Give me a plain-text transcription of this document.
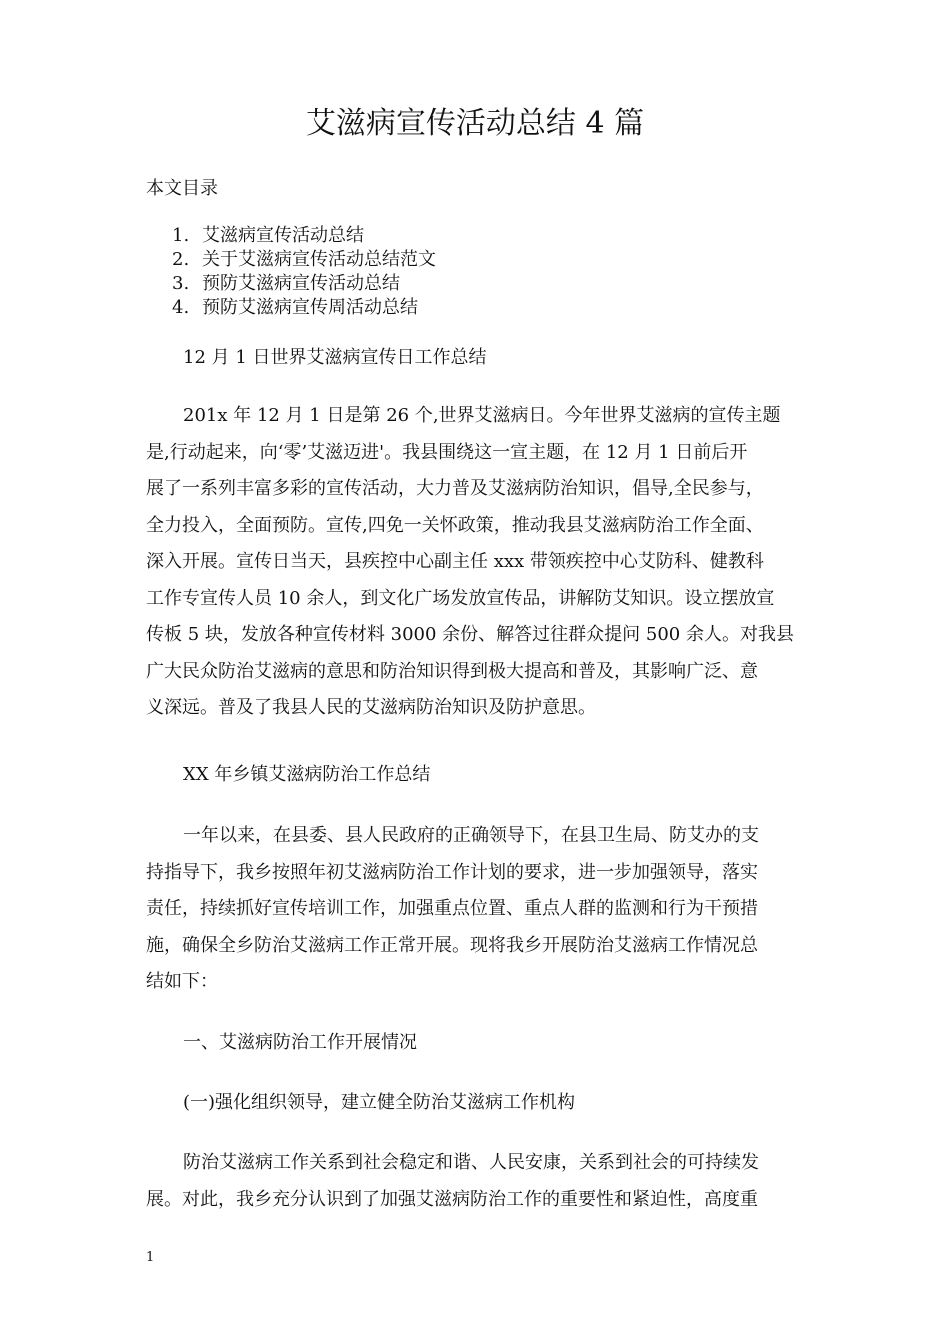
艾滋病宣传活动总结 4 篇
本文目录
1. 艾滋病宣传活动总结
2. 关于艾滋病宣传活动总结范文
3. 预防艾滋病宣传活动总结
4. 预防艾滋病宣传周活动总结
12 月 1 日世界艾滋病宣传日工作总结
201x 年 12 月 1 日是第 26 个,世界艾滋病日。今年世界艾滋病的宣传主题
是,行动起来，向‘零’艾滋迈进'。我县围绕这一宣主题，在 12 月 1 日前后开
展了一系列丰富多彩的宣传活动，大力普及艾滋病防治知识，倡导,全民参与，
全力投入，全面预防。宣传,四免一关怀政策，推动我县艾滋病防治工作全面、
深入开展。宣传日当天，县疾控中心副主任 xxx 带领疾控中心艾防科、健教科
工作专宣传人员 10 余人，到文化广场发放宣传品，讲解防艾知识。设立摆放宣
传板 5 块，发放各种宣传材料 3000 余份、解答过往群众提问 500 余人。对我县
广大民众防治艾滋病的意思和防治知识得到极大提高和普及，其影响广泛、意
义深远。普及了我县人民的艾滋病防治知识及防护意思。
XX 年乡镇艾滋病防治工作总结
一年以来，在县委、县人民政府的正确领导下，在县卫生局、防艾办的支
持指导下，我乡按照年初艾滋病防治工作计划的要求，进一步加强领导，落实
责任，持续抓好宣传培训工作，加强重点位置、重点人群的监测和行为干预措
施，确保全乡防治艾滋病工作正常开展。现将我乡开展防治艾滋病工作情况总
结如下：
一、艾滋病防治工作开展情况
(一)强化组织领导，建立健全防治艾滋病工作机构
防治艾滋病工作关系到社会稳定和谐、人民安康，关系到社会的可持续发
展。对此，我乡充分认识到了加强艾滋病防治工作的重要性和紧迫性，高度重
1
